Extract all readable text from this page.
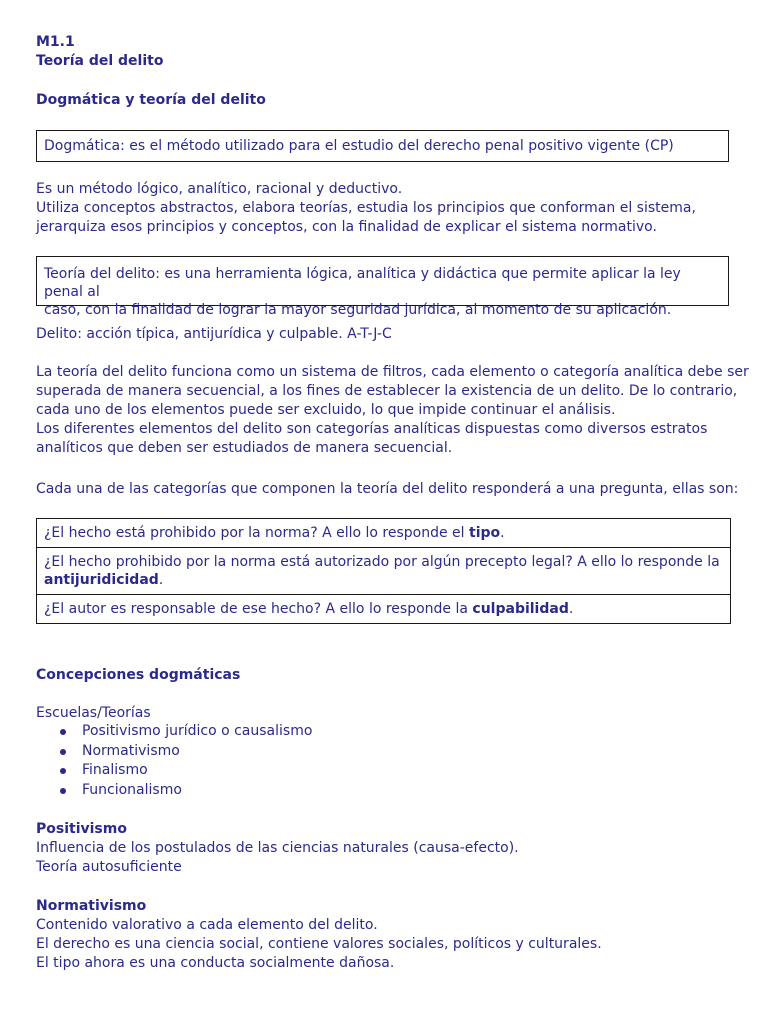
M1.1
Teoría del delito
Dogmática y teoría del delito
Dogmática: es el método utilizado para el estudio del derecho penal positivo vigente (CP)
Es un método lógico, analítico, racional y deductivo.
Utiliza conceptos abstractos, elabora teorías, estudia los principios que conforman el sistema,
jerarquiza esos principios y conceptos, con la finalidad de explicar el sistema normativo.
Teoría del delito: es una herramienta lógica, analítica y didáctica que permite aplicar la ley penal al
caso, con la finalidad de lograr la mayor seguridad jurídica, al momento de su aplicación.
Delito: acción típica, antijurídica y culpable. A-T-J-C
La teoría del delito funciona como un sistema de filtros, cada elemento o categoría analítica debe ser
superada de manera secuencial, a los fines de establecer la existencia de un delito. De lo contrario,
cada uno de los elementos puede ser excluido, lo que impide continuar el análisis.
Los diferentes elementos del delito son categorías analíticas dispuestas como diversos estratos
analíticos que deben ser estudiados de manera secuencial.
Cada una de las categorías que componen la teoría del delito responderá a una pregunta, ellas son:
¿El hecho está prohibido por la norma? A ello lo responde el tipo.
¿El hecho prohibido por la norma está autorizado por algún precepto legal? A ello lo responde la
antijuridicidad.
¿El autor es responsable de ese hecho? A ello lo responde la culpabilidad.
Concepciones dogmáticas
Escuelas/Teorías
Positivismo jurídico o causalismo
Normativismo
Finalismo
Funcionalismo
Positivismo
Influencia de los postulados de las ciencias naturales (causa-efecto).
Teoría autosuficiente
Normativismo
Contenido valorativo a cada elemento del delito.
El derecho es una ciencia social, contiene valores sociales, políticos y culturales.
El tipo ahora es una conducta socialmente dañosa.
